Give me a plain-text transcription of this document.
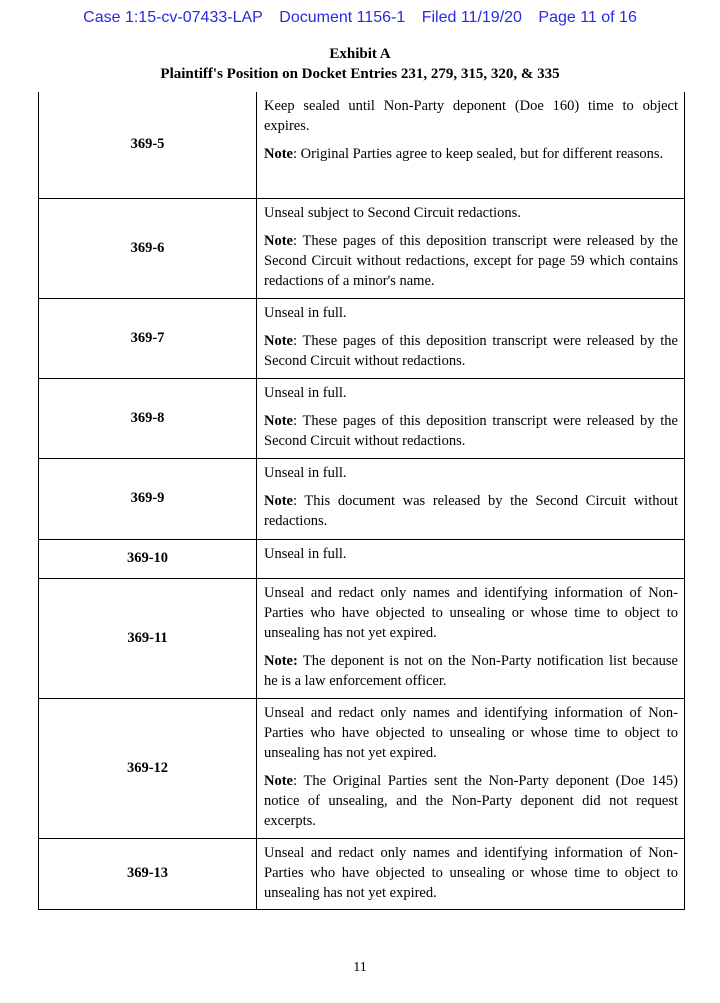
Case 1:15-cv-07433-LAP Document 1156-1 Filed 11/19/20 Page 11 of 16
Exhibit A
Plaintiff's Position on Docket Entries 231, 279, 315, 320, & 335
369-5	Keep sealed until Non-Party deponent (Doe 160) time to object expires.

Note: Original Parties agree to keep sealed, but for different reasons.

369-6	Unseal subject to Second Circuit redactions.

Note: These pages of this deposition transcript were released by the Second Circuit without redactions, except for page 59 which contains redactions of a minor's name.

369-7	Unseal in full.

Note: These pages of this deposition transcript were released by the Second Circuit without redactions.

369-8	Unseal in full.

Note: These pages of this deposition transcript were released by the Second Circuit without redactions.

369-9	Unseal in full.

Note: This document was released by the Second Circuit without redactions.

369-10	Unseal in full.

369-11	Unseal and redact only names and identifying information of Non-Parties who have objected to unsealing or whose time to object to unsealing has not yet expired.

Note: The deponent is not on the Non-Party notification list because he is a law enforcement officer.

369-12	Unseal and redact only names and identifying information of Non-Parties who have objected to unsealing or whose time to object to unsealing has not yet expired.

Note: The Original Parties sent the Non-Party deponent (Doe 145) notice of unsealing, and the Non-Party deponent did not request excerpts.

369-13	Unseal and redact only names and identifying information of Non-Parties who have objected to unsealing or whose time to object to unsealing has not yet expired.

11
